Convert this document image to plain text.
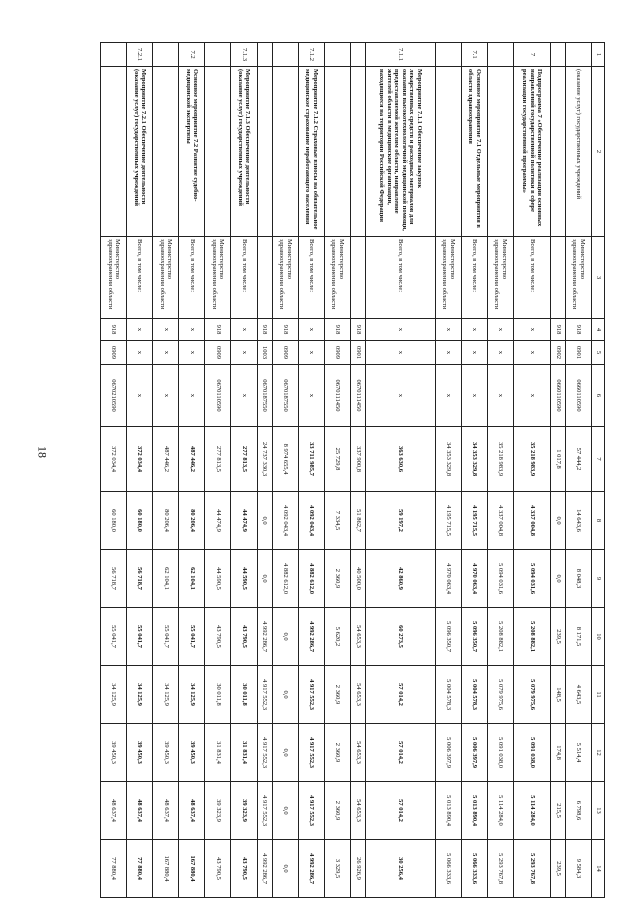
18
1	2	3	4	5	6	7	8	9	10	11	12	13	14
	(оказание услуг) государственных учреждений	Министерство здравоохранения области	918	0901	0660110590	57 444,2	14 643,6	8 048,3	8 171,5	4 643,5	5 514,4	6 798,6	9 584,3
			918	0902	0660110590	1 017,8	0,0	0,0	239,5	148,5	174,8	215,5	239,5
7	Подпрограмма 7 «Обеспечение реализации основных направлений государственной политики в сфере реализации государственной программы»	Всего, в том числе:	x	x	x	35 218 983,9	4 337 004,8	5 094 031,6	5 208 882,1	5 079 975,6	5 091 038,0	5 114 284,0	5 293 767,8
		Министерство здравоохранения области	x	x	x	35 218 983,9	4 337 004,8	5 094 031,6	5 208 882,1	5 079 975,6	5 091 038,0	5 114 284,0	5 293 767,8
7.1	Основное мероприятие 7.1 Отдельные мероприятия в области здравоохранения	Всего, в том числе:	x	x	x	34 353 329,8	4 195 715,5	4 970 063,4	5 096 350,7	5 004 578,3	5 006 397,9	5 013 890,4	5 066 333,6
		Министерство здравоохранения области	x	x	x	34 353 329,8	4 195 715,5	4 970 063,4	5 096 350,7	5 004 578,3	5 006 397,9	5 013 890,4	5 066 333,6
7.1.1	Мероприятие 7.1.1 Обеспечение закупок лекарственных средств и расходных материалов для оказания высокотехнологичной медицинской помощи, предоставляемой жителям области, направление жителей области в медицинские организации, находящиеся на территории Российской Федерации	Всего, в том числе:	x	x	x	363 630,6	59 197,2	42 860,9	60 273,5	57 014,2	57 014,2	57 014,2	30 256,4
			918	0901	0670111450	337 900,8	51 862,7	40 500,0	54 653,3	54 653,3	54 653,3	54 653,3	26 926,9
		Министерство здравоохранения области	918	0909	0670111450	25 729,8	7 334,5	2 360,9	5 620,2	2 360,9	2 360,9	2 360,9	3 329,5
7.1.2	Мероприятие 7.1.2 Страховые взносы на обязательное медицинское страхование неработающего населения	Всего, в том числе:	x	x	x	33 711 985,7	4 092 043,4	4 882 612,0	4 992 286,7	4 917 552,3	4 917 552,3	4 917 552,3	4 992 286,7
		Министерство здравоохранения области	918	0909	0670187550	8 974 655,4	4 092 043,4	4 882 612,0	0,0	0,0	0,0	0,0	0,0
			918	1003	0670187550	24 737 330,3	0,0	0,0	4 992 286,7	4 917 552,3	4 917 552,3	4 917 552,3	4 992 286,7
7.1.3	Мероприятие 7.1.3 Обеспечение деятельности (оказание услуг) государственных учреждений	Всего, в том числе:	x	x	x	277 813,5	44 474,9	44 590,5	43 790,5	30 011,8	31 831,4	39 323,9	43 790,5
		Министерство здравоохранения области	918	0909	0670110590	277 813,5	44 474,9	44 590,5	43 790,5	30 011,8	31 831,4	39 323,9	43 790,5
7.2	Основное мероприятие 7.2 Развитие судебно-медицинской экспертизы	Всего, в том числе:	x	x	x	487 446,2	80 206,4	62 104,1	55 041,7	34 125,9	39 450,3	48 637,4	167 880,4
		Министерство здравоохранения области	x	x	x	487 446,2	80 206,4	62 104,1	55 041,7	34 125,9	39 450,3	48 637,4	167 880,4
7.2.1	Мероприятие 7.2.1 Обеспечение деятельности (оказание услуг) государственных учреждений	Всего, в том числе:	x	x	x	372 034,4	60 180,0	56 718,7	55 041,7	34 125,9	39 450,3	48 637,4	77 880,4
		Министерство здравоохранения области	918	0909	0670210590	372 034,4	60 180,0	56 718,7	55 041,7	34 125,9	39 450,3	48 637,4	77 880,4
